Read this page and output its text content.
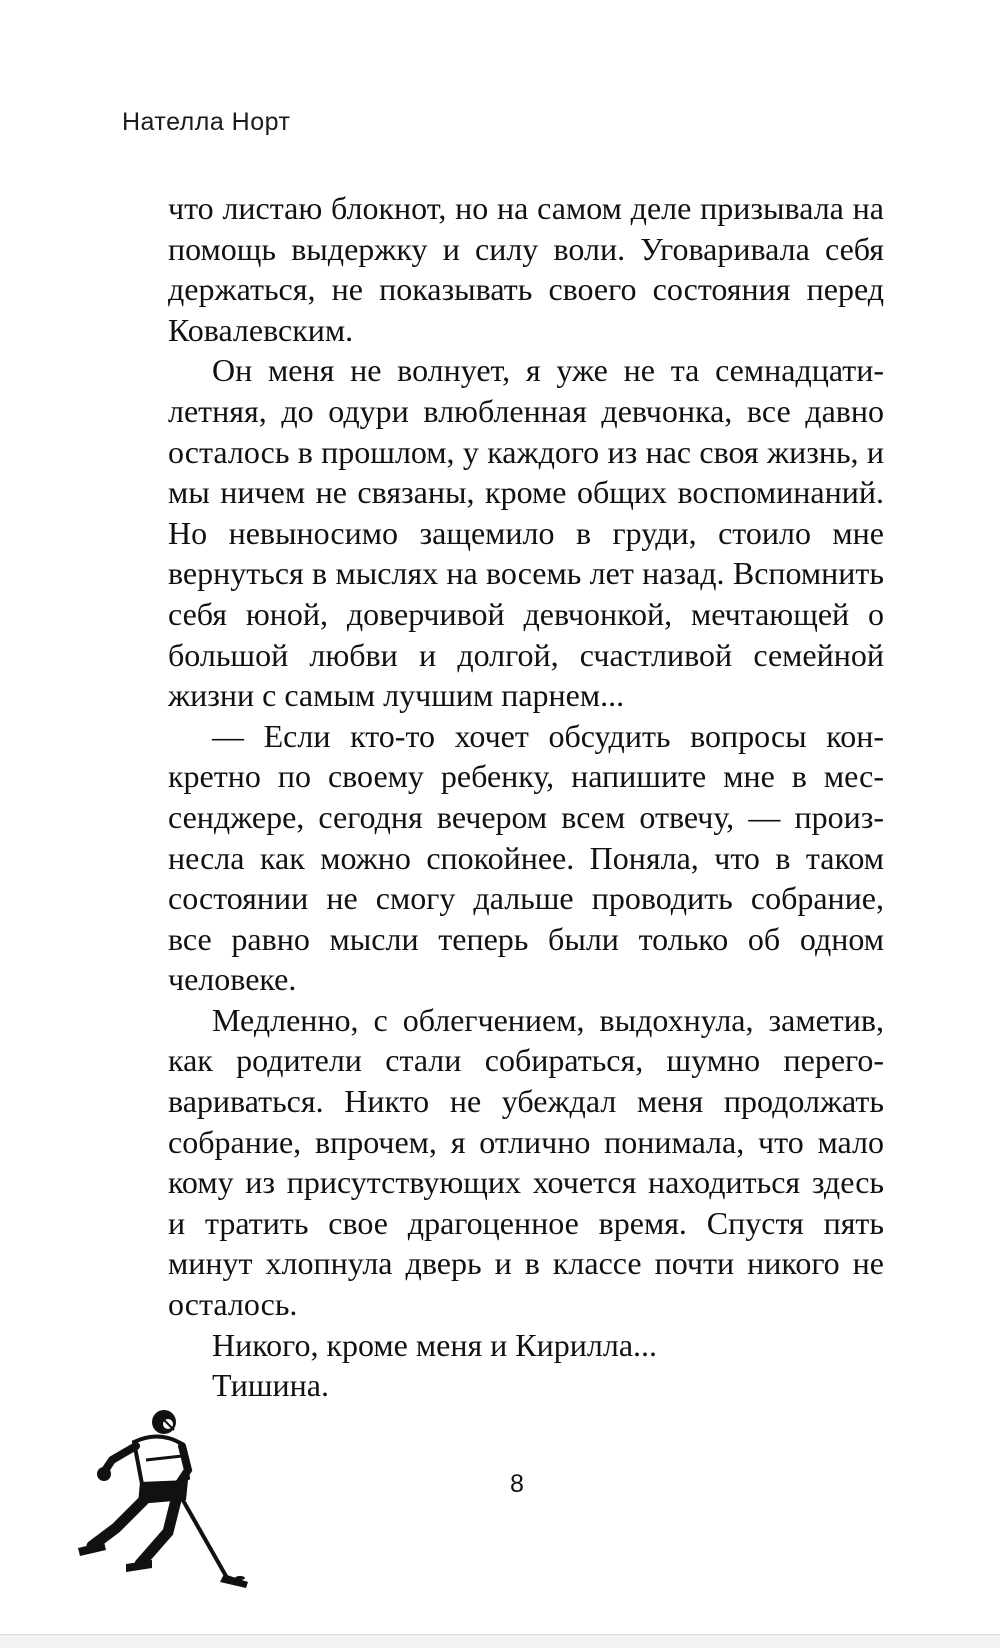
Нателла Норт

что листаю блокнот, но на самом деле призывала на помощь выдержку и силу воли. Уговаривала себя держаться, не показывать своего состояния перед Ковалевским.

Он меня не волнует, я уже не та семнадцатилетняя, до одури влюбленная девчонка, все давно осталось в прошлом, у каждого из нас своя жизнь, и мы ничем не связаны, кроме общих воспоминаний. Но невыносимо защемило в груди, стоило мне вернуться в мыслях на восемь лет назад. Вспомнить себя юной, доверчивой девчонкой, мечтающей о большой любви и долгой, счастливой семейной жизни с самым лучшим парнем...

— Если кто-то хочет обсудить вопросы конкретно по своему ребенку, напишите мне в мессенджере, сегодня вечером всем отвечу, — произнесла как можно спокойнее. Поняла, что в таком состоянии не смогу дальше проводить собрание, все равно мысли теперь были только об одном человеке.

Медленно, с облегчением, выдохнула, заметив, как родители стали собираться, шумно переговариваться. Никто не убеждал меня продолжать собрание, впрочем, я отлично понимала, что мало кому из присутствующих хочется находиться здесь и тратить свое драгоценное время. Спустя пять минут хлопнула дверь и в классе почти никого не осталось.

Никого, кроме меня и Кирилла...

Тишина.

8
